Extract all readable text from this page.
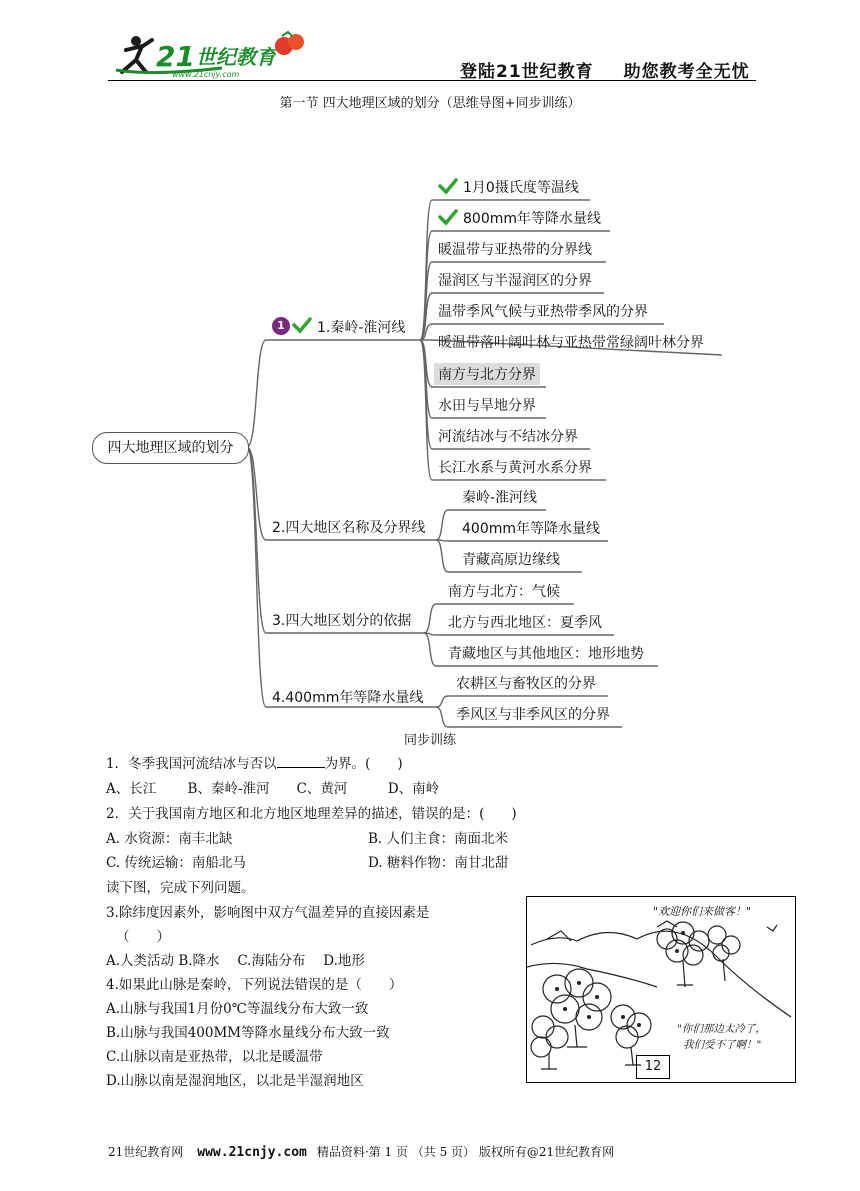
21 世纪教育
www.21cnjy.com	登陆21世纪教育 助您教考全无忧
第一节 四大地理区域的划分（思维导图+同步训练）
四大地理区域的划分
1	1.秦岭-淮河线
1月0摄氏度等温线
800mm年等降水量线
暖温带与亚热带的分界线
湿润区与半湿润区的分界
温带季风气候与亚热带季风的分界
暖温带落叶阔叶林与亚热带常绿阔叶林分界
南方与北方分界
水田与旱地分界
河流结冰与不结冰分界
长江水系与黄河水系分界
2.四大地区名称及分界线
秦岭-淮河线
400mm年等降水量线
青藏高原边缘线
3.四大地区划分的依据
南方与北方：气候
北方与西北地区：夏季风
青藏地区与其他地区：地形地势
4.400mm年等降水量线
农耕区与畜牧区的分界
季风区与非季风区的分界
同步训练
1．冬季我国河流结冰与否以	为界。(　　)
A、长江　　 B、秦岭-淮河　　C、黄河　　　D、南岭
2．关于我国南方地区和北方地区地理差异的描述，错误的是：(　　)
A. 水资源：南丰北缺	B. 人们主食：南面北米
C. 传统运输：南船北马	D. 糖料作物：南甘北甜
读下图，完成下列问题。
3.除纬度因素外，影响图中双方气温差异的直接因素是
（　　）
A.人类活动 B.降水　 C.海陆分布　 D.地形
4.如果此山脉是秦岭，下列说法错误的是（　　）
A.山脉与我国1月份0℃等温线分布大致一致
B.山脉与我国400MM等降水量线分布大致一致
C.山脉以南是亚热带，以北是暖温带
D.山脉以南是湿润地区，以北是半湿润地区
"欢迎你们来做客！"
"你们那边太冷了，
我们受不了啊！"
12
21世纪教育网 www.21cnjy.com 精品资料·第 1 页 （共 5 页） 版权所有@21世纪教育网
